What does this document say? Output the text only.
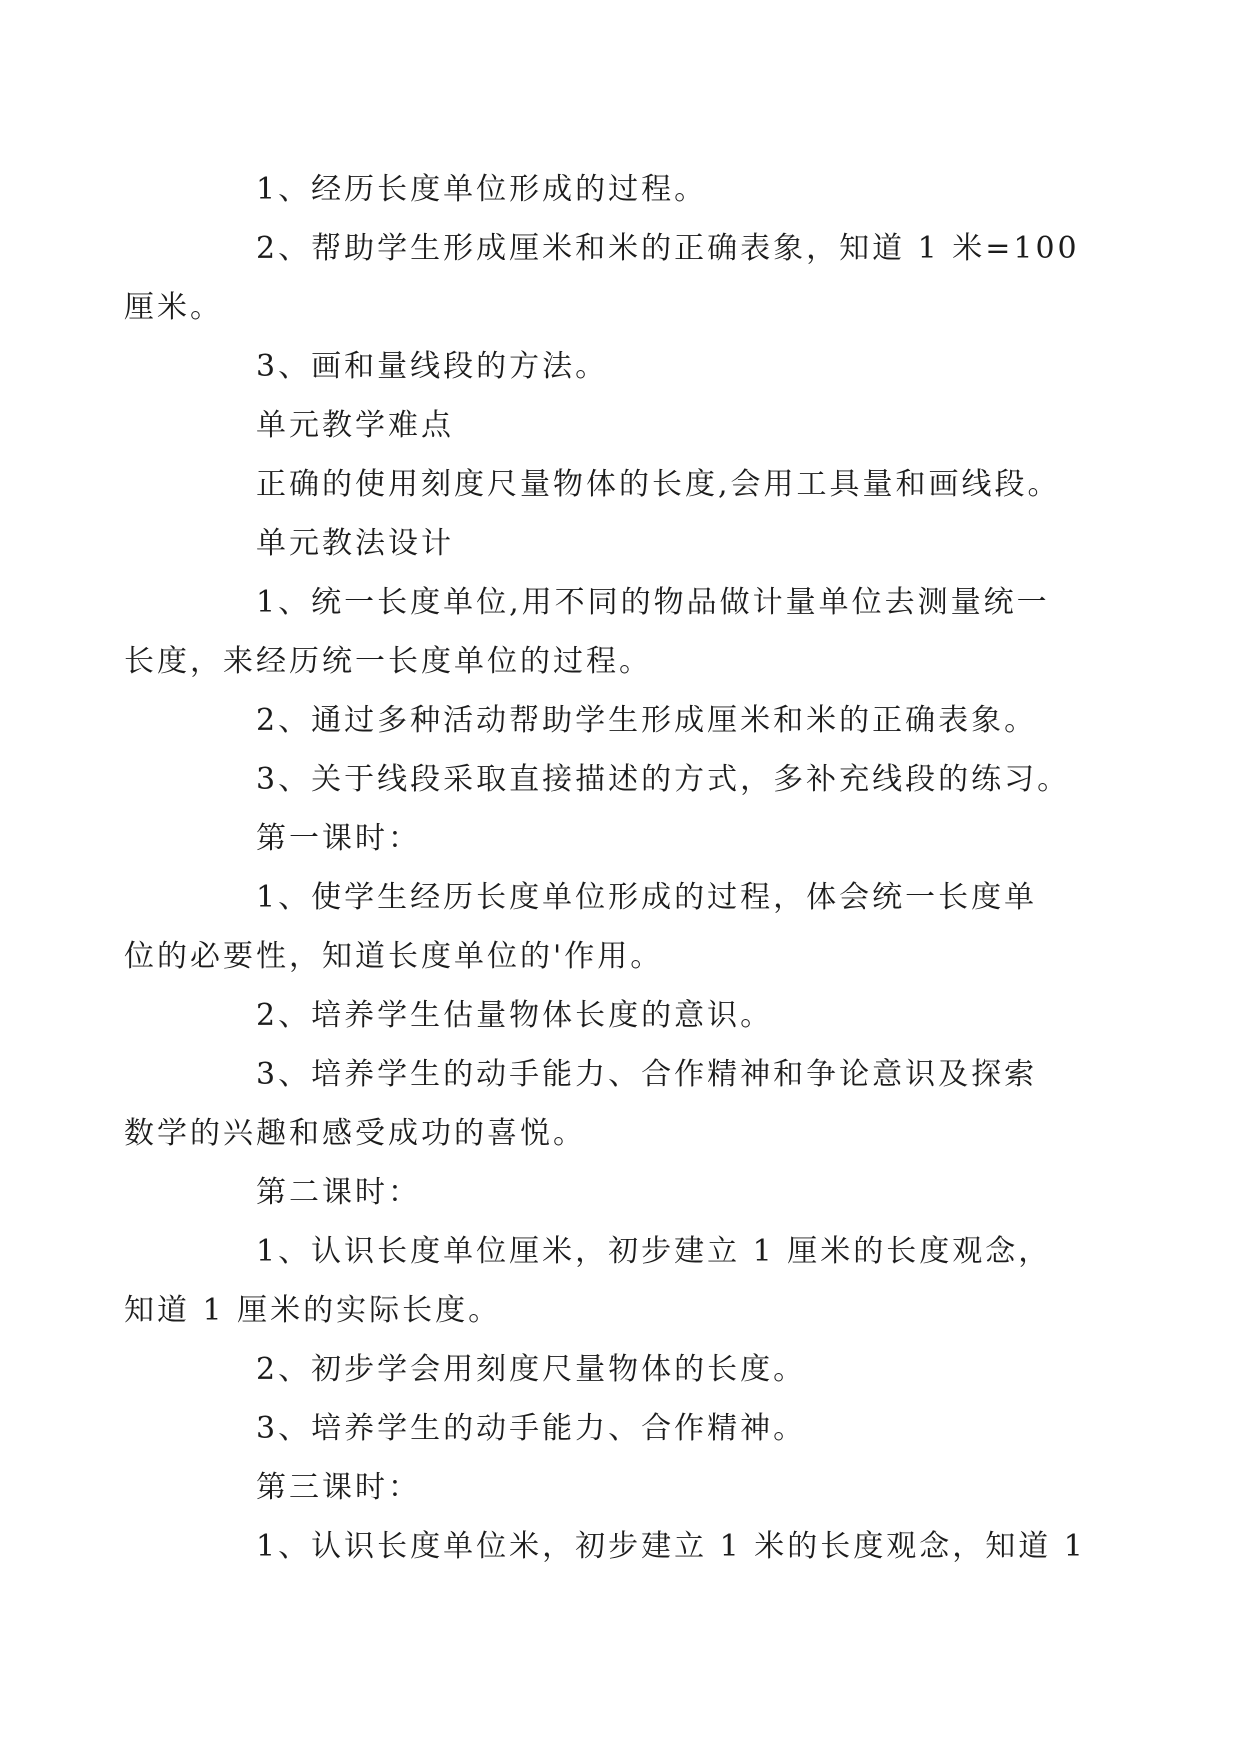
1、经历长度单位形成的过程。

2、帮助学生形成厘米和米的正确表象，知道 1 米=100
厘米。

3、画和量线段的方法。

单元教学难点

正确的使用刻度尺量物体的长度,会用工具量和画线段。

单元教法设计

1、统一长度单位,用不同的物品做计量单位去测量统一
长度，来经历统一长度单位的过程。

2、通过多种活动帮助学生形成厘米和米的正确表象。

3、关于线段采取直接描述的方式，多补充线段的练习。

第一课时：

1、使学生经历长度单位形成的过程，体会统一长度单
位的必要性，知道长度单位的'作用。

2、培养学生估量物体长度的意识。

3、培养学生的动手能力、合作精神和争论意识及探索
数学的兴趣和感受成功的喜悦。

第二课时：

1、认识长度单位厘米，初步建立 1 厘米的长度观念，
知道 1 厘米的实际长度。

2、初步学会用刻度尺量物体的长度。

3、培养学生的动手能力、合作精神。

第三课时：

1、认识长度单位米，初步建立 1 米的长度观念，知道 1
